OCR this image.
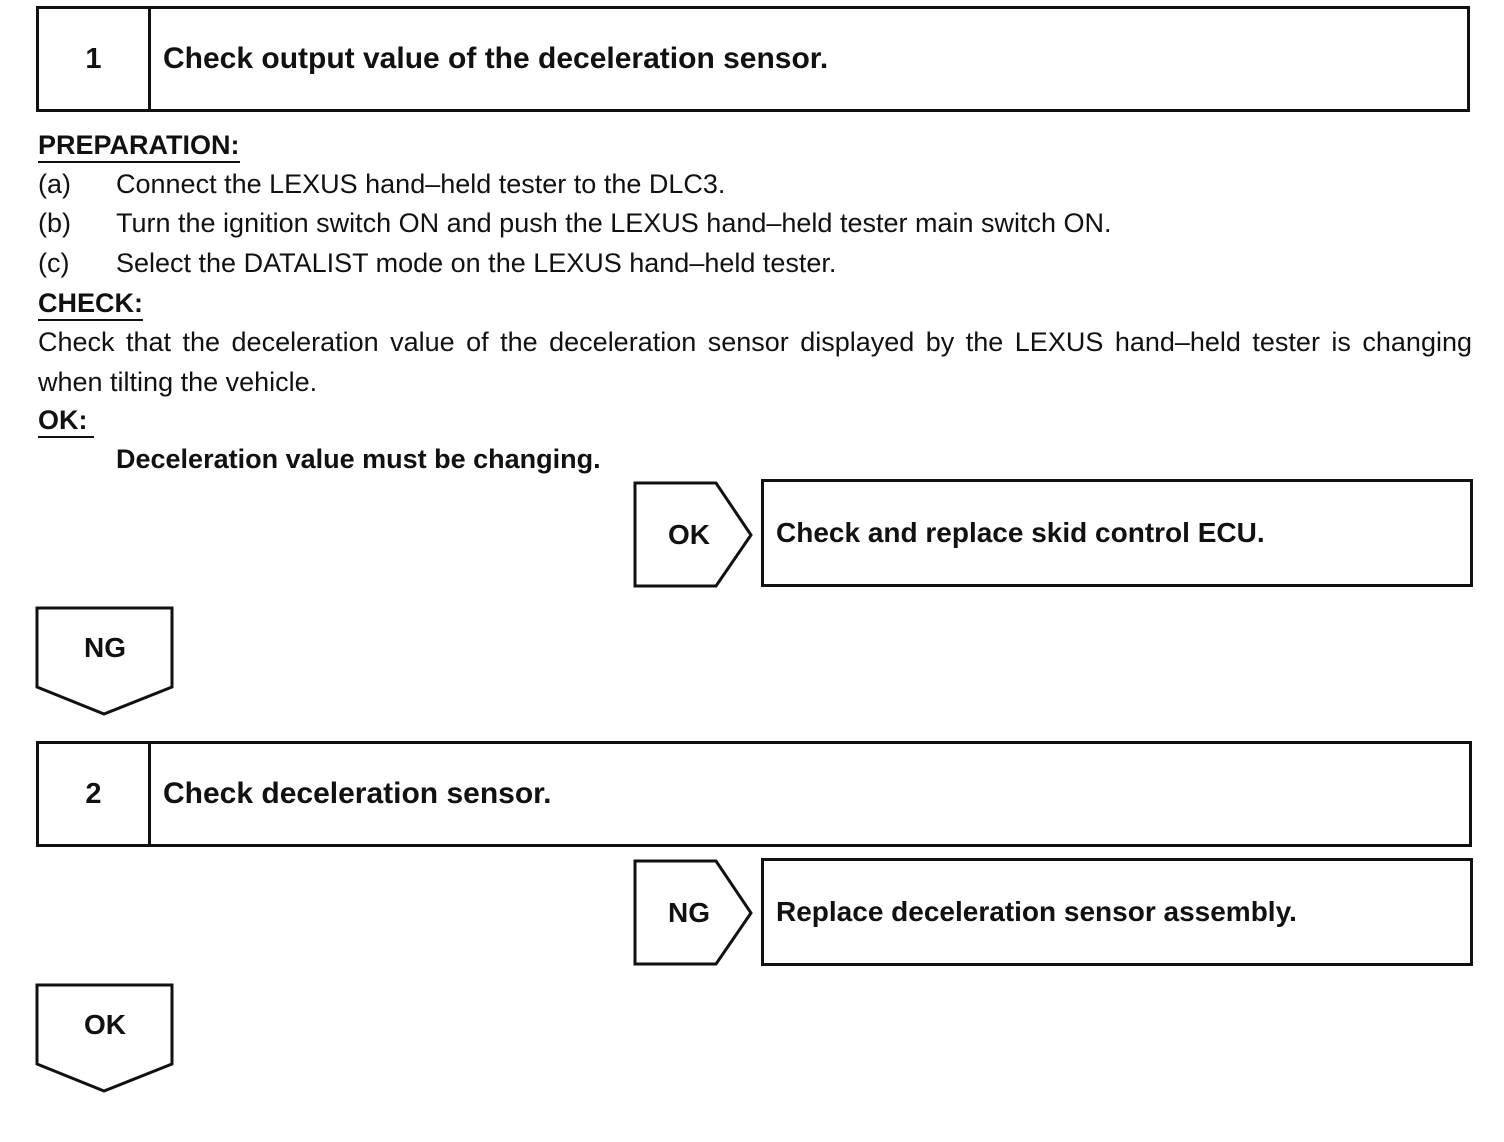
1	Check output value of the deceleration sensor.
PREPARATION:
(a) Connect the LEXUS hand–held tester to the DLC3.
(b) Turn the ignition switch ON and push the LEXUS hand–held tester main switch ON.
(c) Select the DATALIST mode on the LEXUS hand–held tester.
CHECK:
Check that the deceleration value of the deceleration sensor displayed by the LEXUS hand–held tester is changing when tilting the vehicle.
OK:
Deceleration value must be changing.
OK	Check and replace skid control ECU.
NG
2	Check deceleration sensor.
NG	Replace deceleration sensor assembly.
OK
